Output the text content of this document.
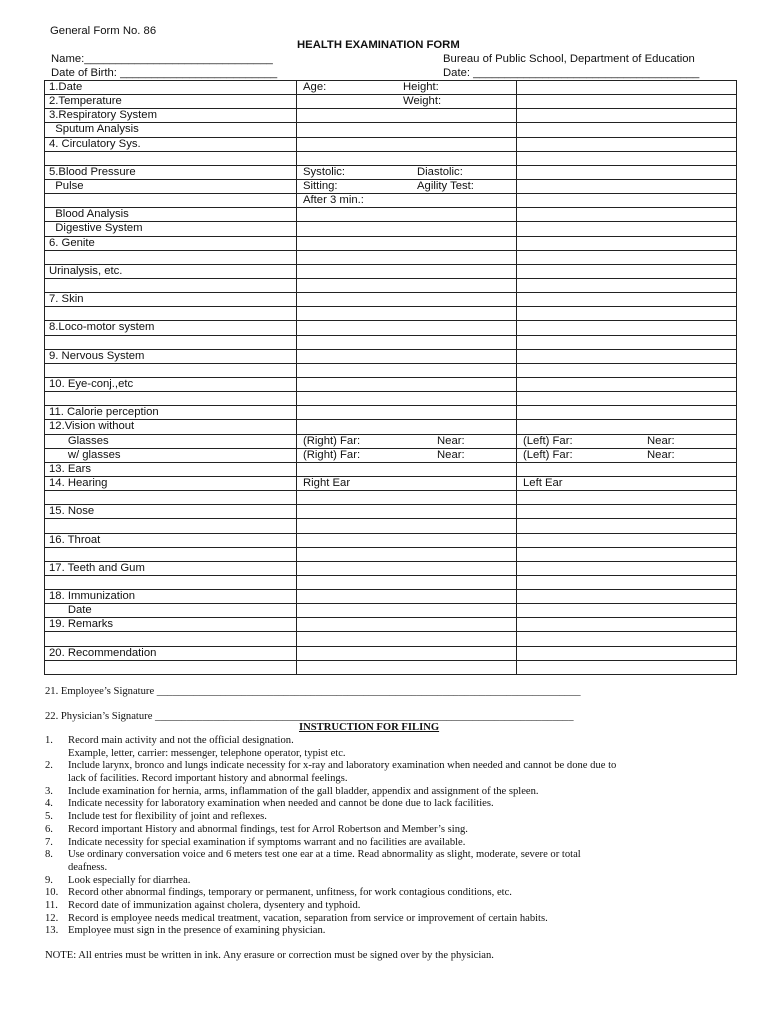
General Form No. 86
HEALTH EXAMINATION FORM
Name:______________________________	Bureau of Public School, Department of Education
Date of Birth: _________________________	Date: ____________________________________
1.Date	Age: Height:	

2.Temperature	Weight:	

3.Respiratory System	

Sputum Analysis	

4. Circulatory Sys.	

5.Blood Pressure	Systolic: Diastolic:	

Pulse	Sitting: Agility Test:	

	After 3 min.:	

Blood Analysis	

Digestive System	

6. Genite	

Urinalysis, etc.	

7. Skin	

8.Loco-motor system	

9. Nervous System	

10. Eye-conj.,etc	

11. Calorie perception	

12.Vision without	

Glasses	(Right) Far: Near:	(Left) Far: Near:

w/ glasses	(Right) Far: Near:	(Left) Far: Near:

13. Ears	

14. Hearing	Right Ear	Left Ear

15. Nose	

16. Throat	

17. Teeth and Gum	

18. Immunization	

Date	

19. Remarks	

20. Recommendation	

21. Employee’s Signature ________________________________________________________________________________
22. Physician’s Signature _______________________________________________________________________________
INSTRUCTION FOR FILING
1. Record main activity and not the official designation.
Example, letter, carrier: messenger, telephone operator, typist etc.
2. Include larynx, bronco and lungs indicate necessity for x-ray and laboratory examination when needed and cannot be done due to
lack of facilities. Record important history and abnormal feelings.
3. Include examination for hernia, arms, inflammation of the gall bladder, appendix and assignment of the spleen.
4. Indicate necessity for laboratory examination when needed and cannot be done due to lack facilities.
5. Include test for flexibility of joint and reflexes.
6. Record important History and abnormal findings, test for Arrol Robertson and Member’s sing.
7. Indicate necessity for special examination if symptoms warrant and no facilities are available.
8. Use ordinary conversation voice and 6 meters test one ear at a time. Read abnormality as slight, moderate, severe or total
deafness.
9. Look especially for diarrhea.
10. Record other abnormal findings, temporary or permanent, unfitness, for work contagious conditions, etc.
11. Record date of immunization against cholera, dysentery and typhoid.
12. Record is employee needs medical treatment, vacation, separation from service or improvement of certain habits.
13. Employee must sign in the presence of examining physician.
NOTE: All entries must be written in ink. Any erasure or correction must be signed over by the physician.
